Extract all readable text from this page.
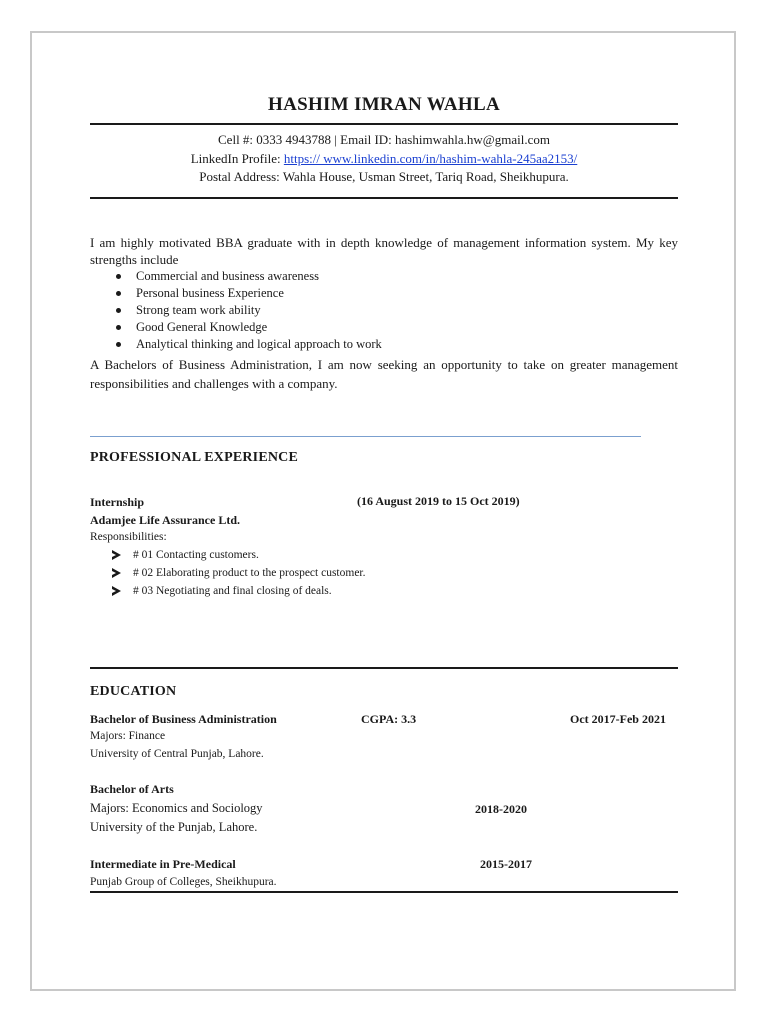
HASHIM IMRAN WAHLA
Cell #: 0333 4943788 | Email ID: hashimwahla.hw@gmail.com
LinkedIn Profile: https:// www.linkedin.com/in/hashim-wahla-245aa2153/
Postal Address: Wahla House, Usman Street, Tariq Road, Sheikhupura.
I am highly motivated BBA graduate with in depth knowledge of management information system. My key strengths include
Commercial and business awareness
Personal business Experience
Strong team work ability
Good General Knowledge
Analytical thinking and logical approach to work
A Bachelors of Business Administration, I am now seeking an opportunity to take on greater management responsibilities and challenges with a company.
PROFESSIONAL EXPERIENCE
Internship	(16 August 2019 to 15 Oct 2019)
Adamjee Life Assurance Ltd.
Responsibilities:
# 01 Contacting customers.
# 02 Elaborating product to the prospect customer.
# 03 Negotiating and final closing of deals.
EDUCATION
Bachelor of Business Administration	CGPA: 3.3	Oct 2017-Feb 2021
Majors: Finance
University of Central Punjab, Lahore.
Bachelor of Arts
Majors: Economics and Sociology	2018-2020
University of the Punjab, Lahore.
Intermediate in Pre-Medical	2015-2017
Punjab Group of Colleges, Sheikhupura.
